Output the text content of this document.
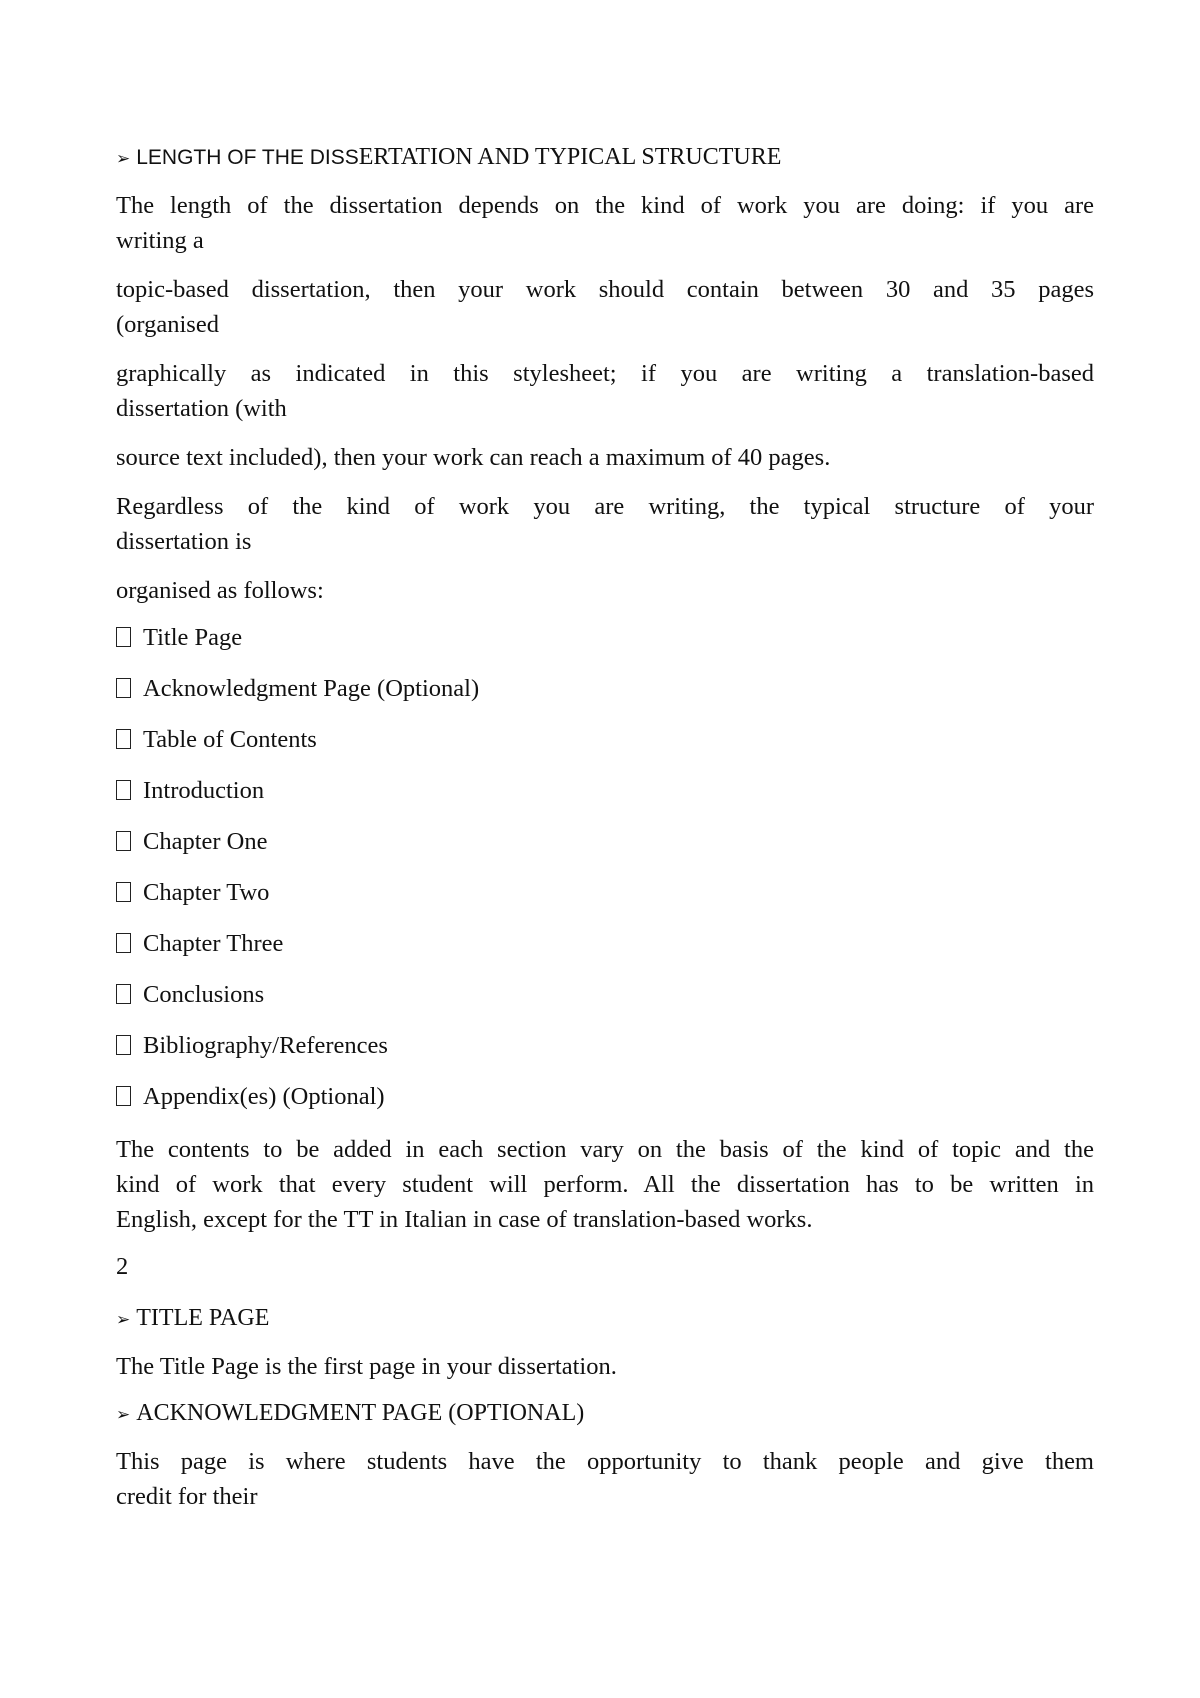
➢ LENGTH OF THE DISSERTATION AND TYPICAL STRUCTURE
The length of the dissertation depends on the kind of work you are doing: if you are
writing a
topic-based dissertation, then your work should contain between 30 and 35 pages
(organised
graphically as indicated in this stylesheet; if you are writing a translation-based
dissertation (with
source text included), then your work can reach a maximum of 40 pages.
Regardless of the kind of work you are writing, the typical structure of your
dissertation is
organised as follows:
Title Page
Acknowledgment Page (Optional)
Table of Contents
Introduction
Chapter One
Chapter Two
Chapter Three
Conclusions
Bibliography/References
Appendix(es) (Optional)
The contents to be added in each section vary on the basis of the kind of topic and the
kind of work that every student will perform. All the dissertation has to be written in
English, except for the TT in Italian in case of translation-based works.
2
➢ TITLE PAGE
The Title Page is the first page in your dissertation.
➢ ACKNOWLEDGMENT PAGE (OPTIONAL)
This page is where students have the opportunity to thank people and give them
credit for their
